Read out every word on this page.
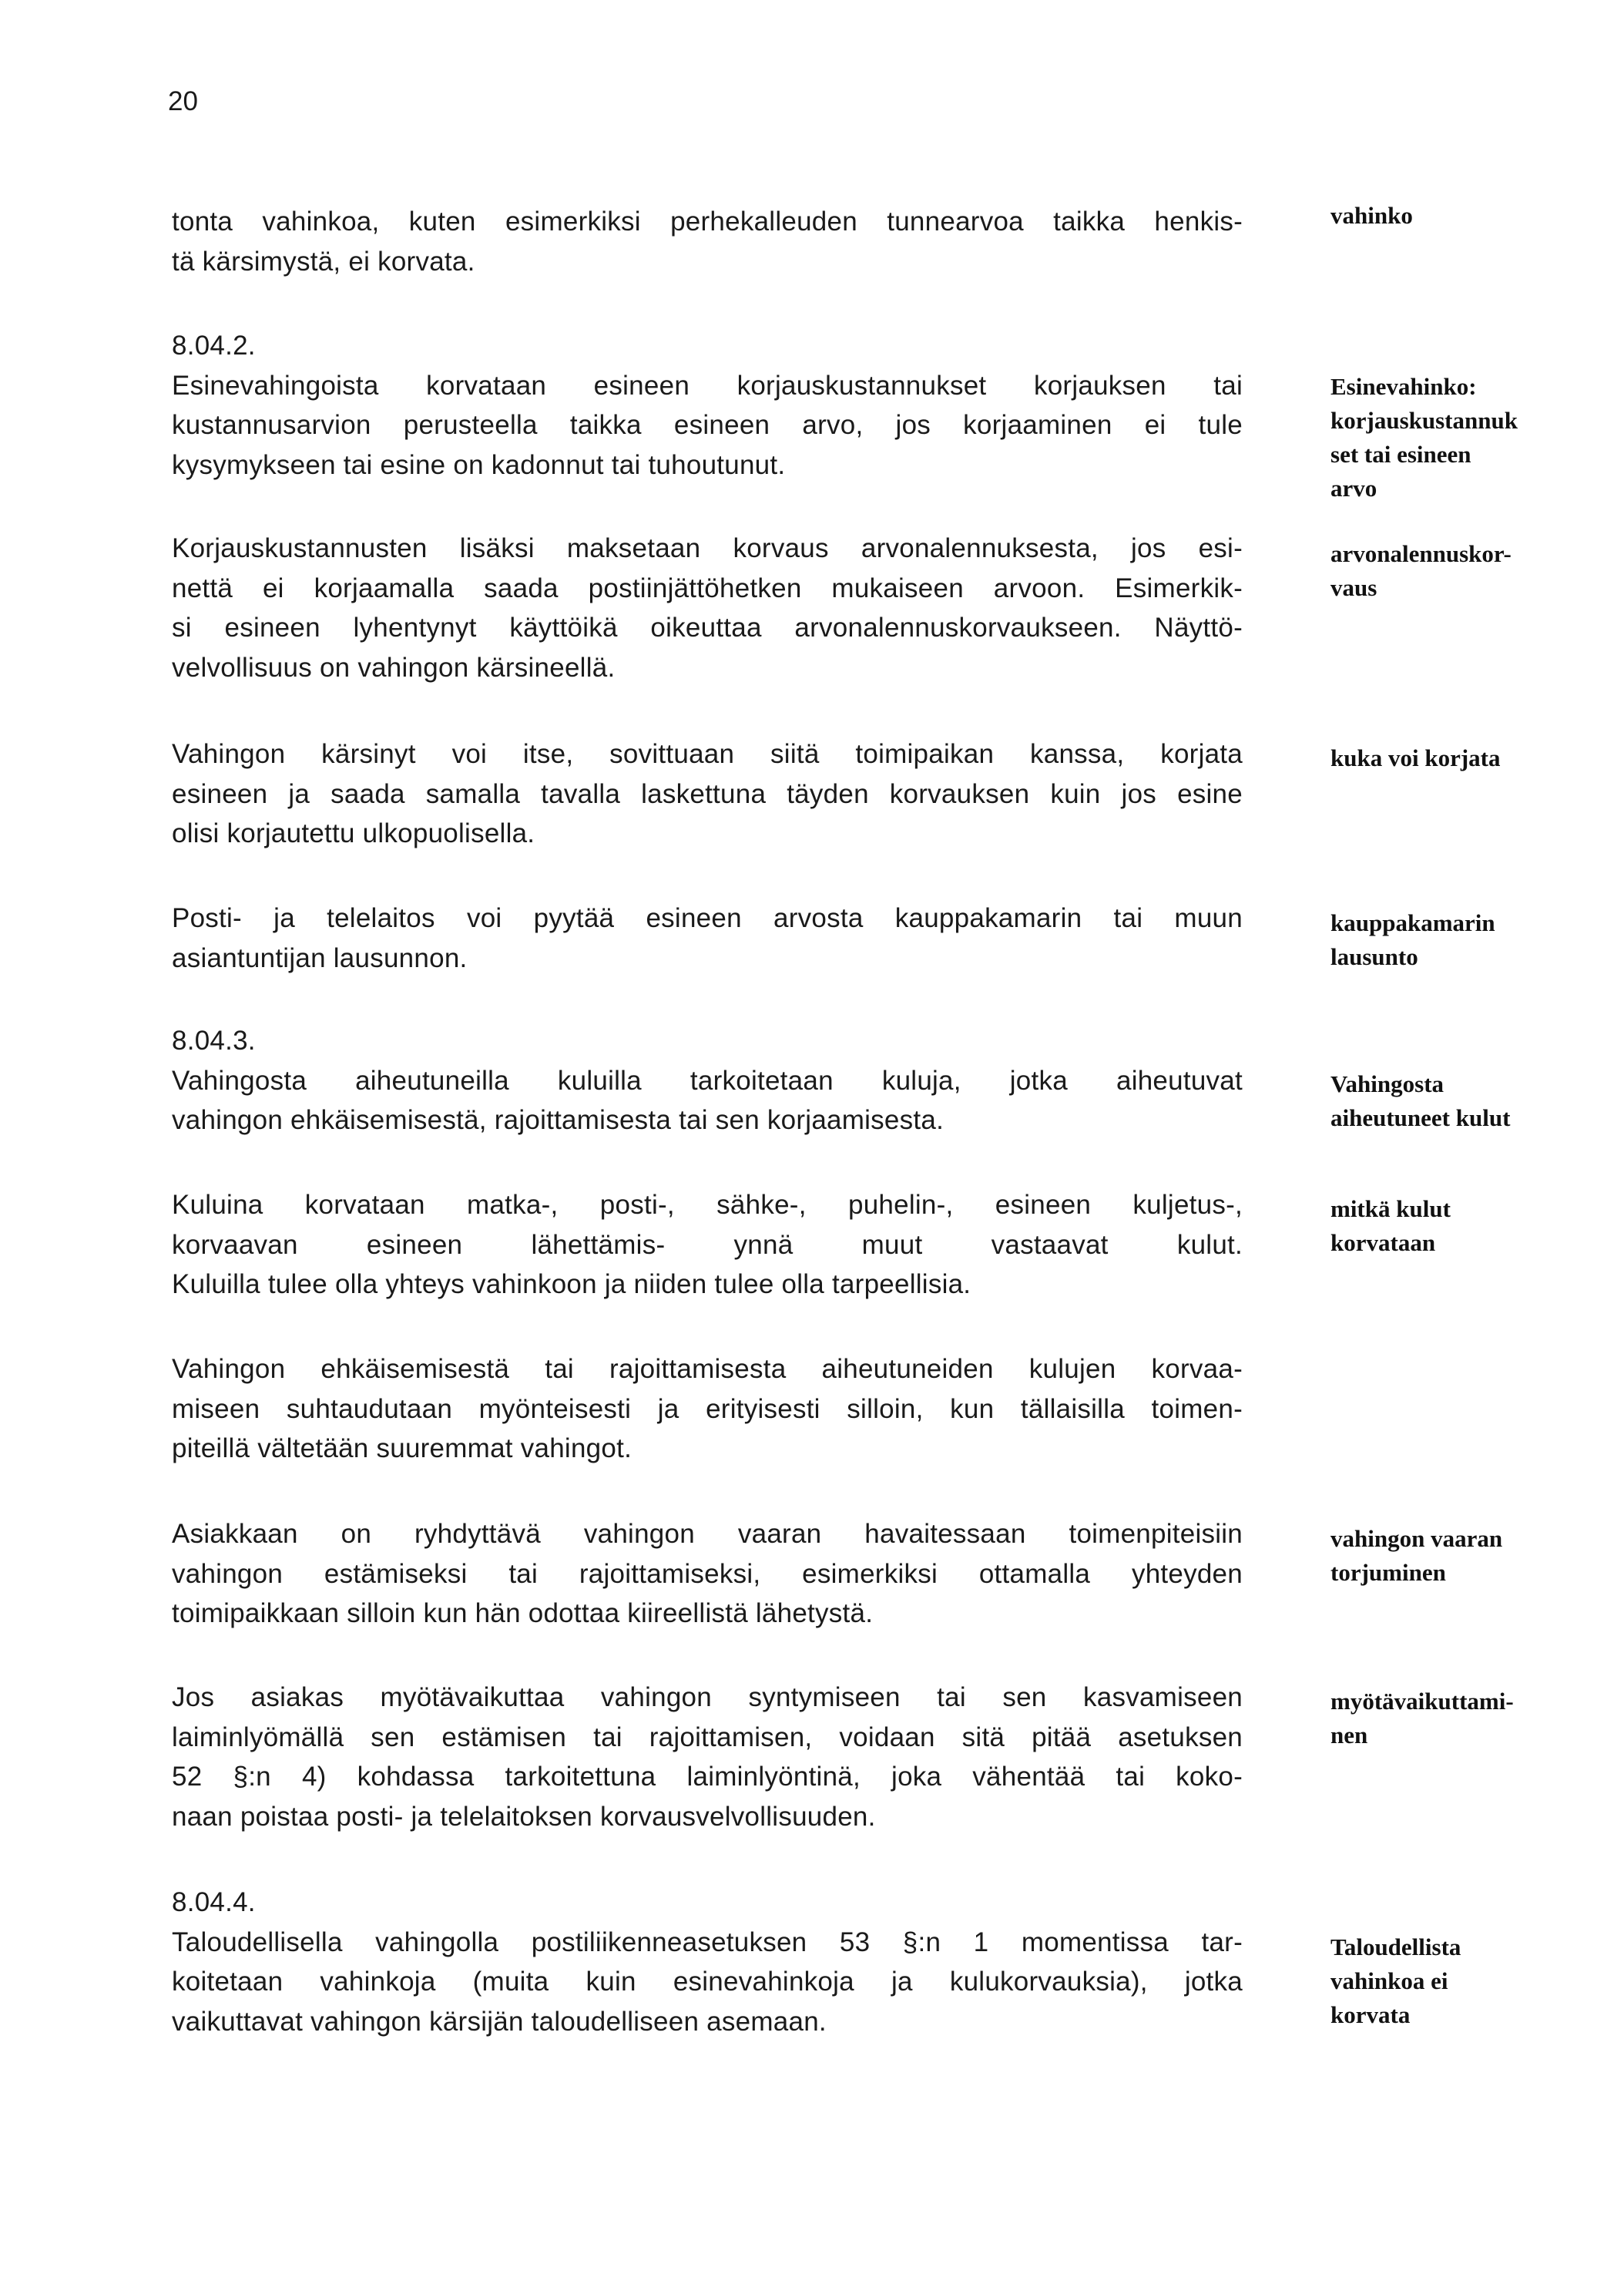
20
tonta vahinkoa, kuten esimerkiksi perhekalleuden tunnearvoa taikka henkis-
tä kärsimystä, ei korvata.
8.04.2.
Esinevahingoista korvataan esineen korjauskustannukset korjauksen tai
kustannusarvion perusteella taikka esineen arvo, jos korjaaminen ei tule
kysymykseen tai esine on kadonnut tai tuhoutunut.
Korjauskustannusten lisäksi maksetaan korvaus arvonalennuksesta, jos esi-
nettä ei korjaamalla saada postiinjättöhetken mukaiseen arvoon. Esimerkik-
si esineen lyhentynyt käyttöikä oikeuttaa arvonalennuskorvaukseen. Näyttö-
velvollisuus on vahingon kärsineellä.
Vahingon kärsinyt voi itse, sovittuaan siitä toimipaikan kanssa, korjata
esineen ja saada samalla tavalla laskettuna täyden korvauksen kuin jos esine
olisi korjautettu ulkopuolisella.
Posti- ja telelaitos voi pyytää esineen arvosta kauppakamarin tai muun
asiantuntijan lausunnon.
8.04.3.
Vahingosta aiheutuneilla kuluilla tarkoitetaan kuluja, jotka aiheutuvat
vahingon ehkäisemisestä, rajoittamisesta tai sen korjaamisesta.
Kuluina korvataan matka-, posti-, sähke-, puhelin-, esineen kuljetus-,
korvaavan esineen lähettämis- ynnä muut vastaavat kulut.
Kuluilla tulee olla yhteys vahinkoon ja niiden tulee olla tarpeellisia.
Vahingon ehkäisemisestä tai rajoittamisesta aiheutuneiden kulujen korvaa-
miseen suhtaudutaan myönteisesti ja erityisesti silloin, kun tällaisilla toimen-
piteillä vältetään suuremmat vahingot.
Asiakkaan on ryhdyttävä vahingon vaaran havaitessaan toimenpiteisiin
vahingon estämiseksi tai rajoittamiseksi, esimerkiksi ottamalla yhteyden
toimipaikkaan silloin kun hän odottaa kiireellistä lähetystä.
Jos asiakas myötävaikuttaa vahingon syntymiseen tai sen kasvamiseen
laiminlyömällä sen estämisen tai rajoittamisen, voidaan sitä pitää asetuksen
52 §:n 4) kohdassa tarkoitettuna laiminlyöntinä, joka vähentää tai koko-
naan poistaa posti- ja telelaitoksen korvausvelvollisuuden.
8.04.4.
Taloudellisella vahingolla postiliikenneasetuksen 53 §:n 1 momentissa tar-
koitetaan vahinkoja (muita kuin esinevahinkoja ja kulukorvauksia), jotka
vaikuttavat vahingon kärsijän taloudelliseen asemaan.
vahinko
Esinevahinko:
korjauskustannuk
set tai esineen
arvo
arvonalennuskor-
vaus
kuka voi korjata
kauppakamarin
lausunto
Vahingosta
aiheutuneet kulut
mitkä kulut
korvataan
vahingon vaaran
torjuminen
myötävaikuttami-
nen
Taloudellista
vahinkoa ei
korvata
